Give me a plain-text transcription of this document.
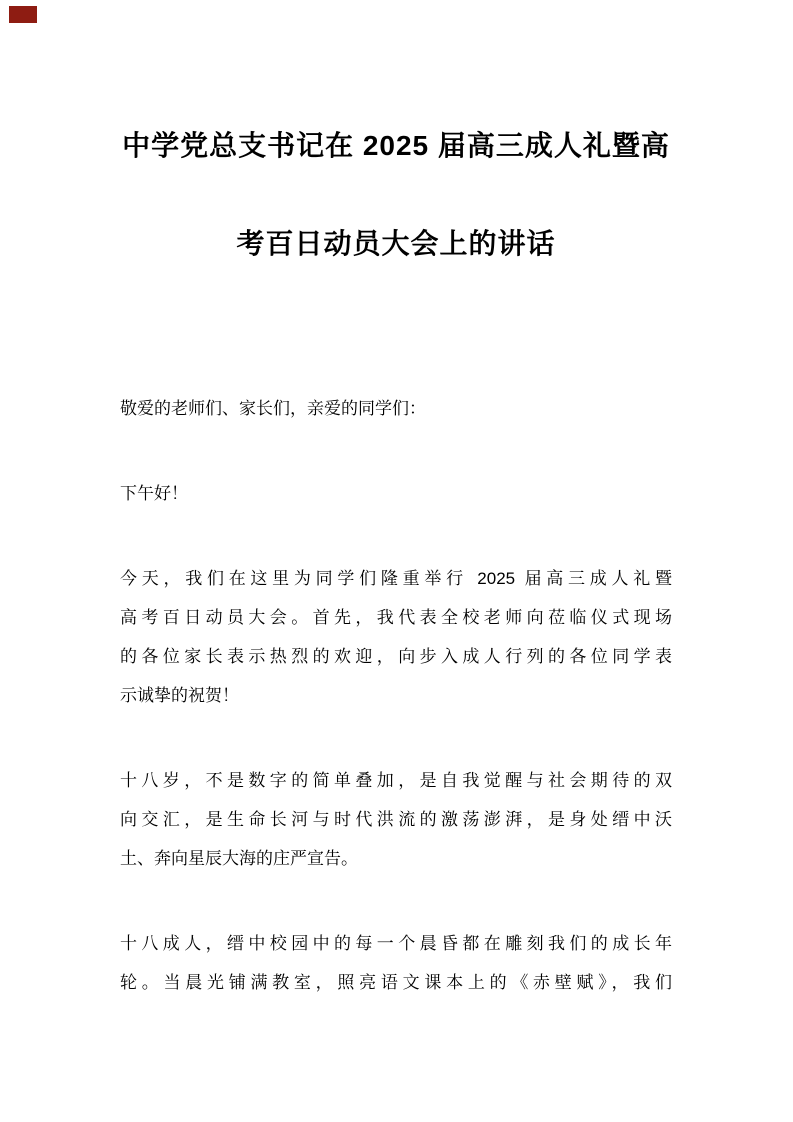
中学党总支书记在 2025 届高三成人礼暨高
考百日动员大会上的讲话

敬爱的老师们、家长们，亲爱的同学们：

下午好！

今天，我们在这里为同学们隆重举行 2025 届高三成人礼暨
高考百日动员大会。首先，我代表全校老师向莅临仪式现场
的各位家长表示热烈的欢迎，向步入成人行列的各位同学表
示诚挚的祝贺！

十八岁，不是数字的简单叠加，是自我觉醒与社会期待的双
向交汇，是生命长河与时代洪流的激荡澎湃，是身处缙中沃
土、奔向星辰大海的庄严宣告。

十八成人，缙中校园中的每一个晨昏都在雕刻我们的成长年
轮。当晨光铺满教室，照亮语文课本上的《赤壁赋》，我们
